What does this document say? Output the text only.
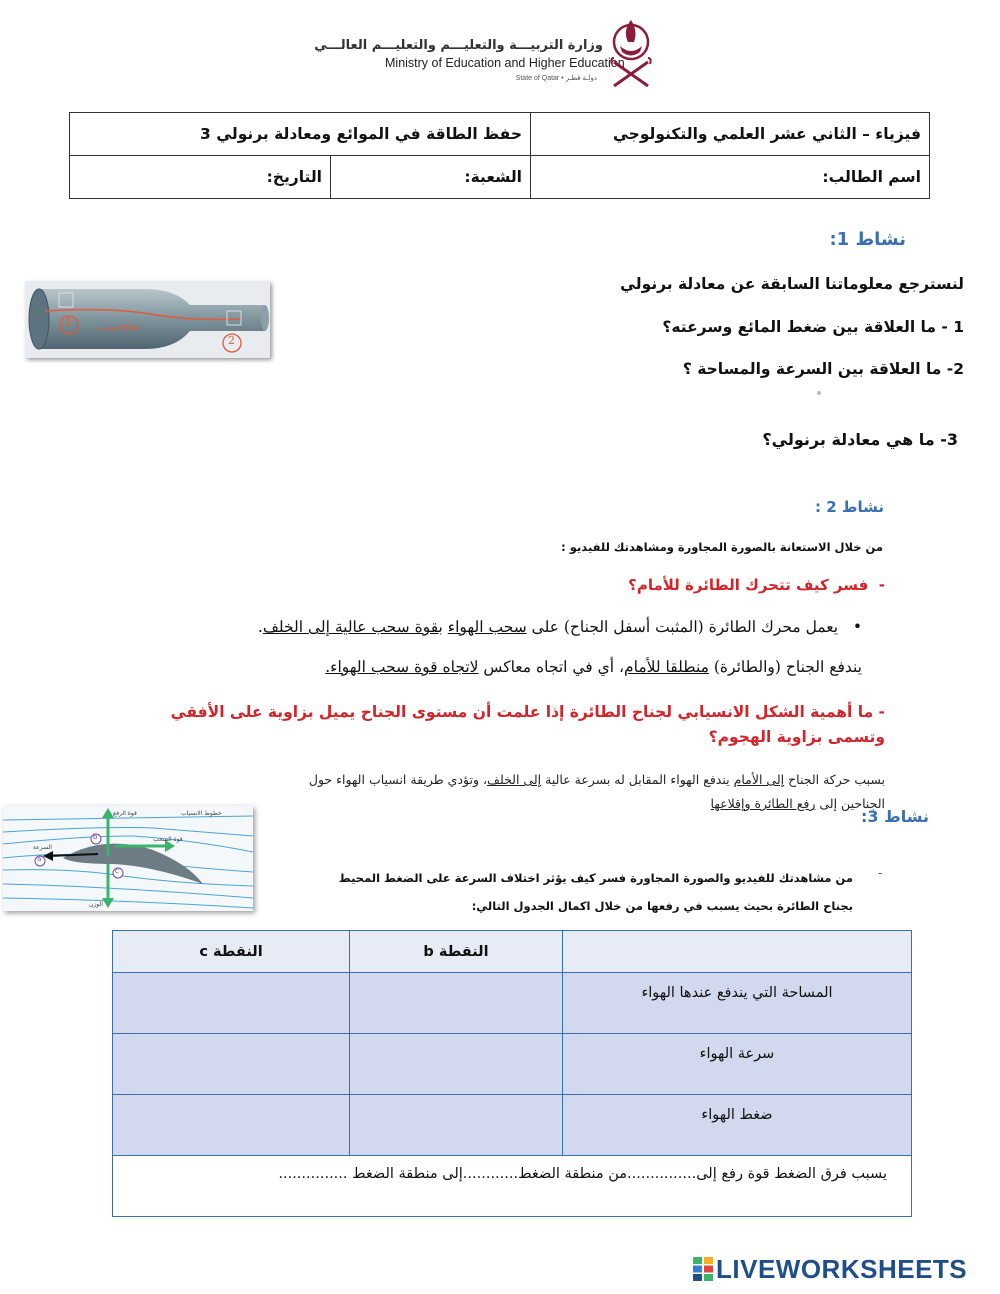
وزارة التربيـــة والتعليـــم والتعليـــم العالـــي
Ministry of Education and Higher Education
State of Qatar • دولـة قطـر
فيزياء – الثاني عشر العلمي والتكنولوجي	حفظ الطاقة في الموائع ومعادلة برنولي 3	
اسم الطالب:	الشعبة:	التاريخ:
نشاط 1:
لنسترجع معلوماتنا السابقة عن معادلة برنولي
1 - ما العلاقة بين ضغط المائع وسرعته؟
2- ما العلاقة بين السرعة والمساحة ؟
3- ما هي معادلة برنولي؟
1
2
خط الانسياب
نشاط 2 :
من خلال الاستعانة بالصورة المجاورة ومشاهدتك للفيديو :
-  فسر كيف تتحرك الطائرة للأمام؟
•   يعمل محرك الطائرة (المثبت أسفل الجناح) على سحب الهواء بقوة سحب عالية إلى الخلف.
يندفع الجناح (والطائرة) منطلقا للأمام، أي في اتجاه معاكس لاتجاه قوة سحب الهواء.
- ما أهمية الشكل الانسيابي لجناح الطائرة إذا علمت أن مستوى الجناح يميل بزاوية على الأفقي
وتسمى بزاوية الهجوم؟
بسبب حركة الجناح إلى الأمام يندفع الهواء المقابل له بسرعة عالية إلى الخلف، وتؤدي طريقة انسياب الهواء حول
الجناحين إلى رفع الطائرة وإقلاعها
a
b
c
قوة الرفع
قوة السحب
الوزن
السرعة
خطوط الانسياب	نشاط 3:
-
من مشاهدتك للفيديو والصورة المجاورة فسر كيف يؤثر اختلاف السرعة على الضغط المحيط
بجناح الطائرة بحيث يسبب في رفعها من خلال اكمال الجدول التالي:
	النقطة b	النقطة c
المساحة التي يندفع عندها الهواء		
سرعة الهواء		
ضغط الهواء		
يسبب فرق الضغط قوة رفع إلى...............من منطقة الضغط............إلى منطقة الضغط ...............		
LIVEWORKSHEETS
